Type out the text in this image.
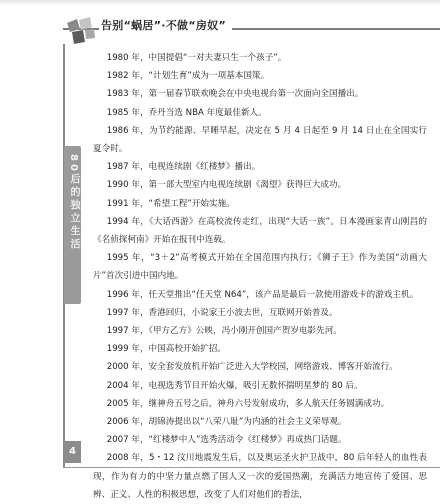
告别“蜗居”·不做“房奴”
80后的独立生活
4

1980 年，中国提倡“一对夫妻只生一个孩子”。

1982 年，“计划生育”成为一项基本国策。

1983 年，第一届春节联欢晚会在中央电视台第一次面向全国播出。

1985 年，乔丹当选 NBA 年度最佳新人。

1986 年，为节约能源、早睡早起，决定在 5 月 4 日起至 9 月 14 日止在全国实行夏令时。

1987 年，电视连续剧《红楼梦》播出。

1990 年，第一部大型室内电视连续剧《渴望》获得巨大成功。

1991 年，“希望工程”开始实施。

1994 年，《大话西游》在高校流传走红，出现“大话一族”。日本漫画家青山刚昌的《名侦探柯南》开始在报刊中连载。

1995 年，“3＋2”高考模式开始在全国范围内执行；《狮子王》作为美国“动画大片”首次引进中国内地。

1996 年，任天堂推出“任天堂 N64”，该产品是最后一款使用游戏卡的游戏主机。

1997 年，香港回归，小说家王小波去世，互联网开始普及。

1997 年，《甲方乙方》公映，冯小刚开创国产贺岁电影先河。

1999 年，中国高校开始扩招。

2000 年，安全套发放机开始广泛进入大学校园，网络游戏、博客开始流行。

2004 年，电视选秀节目开始火爆，吸引无数怀揣明星梦的 80 后。

2005 年，继神舟五号之后，神舟六号发射成功，多人航天任务圆满成功。

2006 年，胡锦涛提出以“八荣八耻”为内涵的社会主义荣辱观。

2007 年，“红楼梦中人”选秀活动令《红楼梦》再成热门话题。

2008 年，5・12 汶川地震发生后，以及奥运圣火护卫战中，80 后年轻人的血性表现，作为有力的中坚力量点燃了国人又一次的爱国热潮，充满活力地宣传了爱国、思辨、正义、人性的积极思想，改变了人们对他们的看法，
